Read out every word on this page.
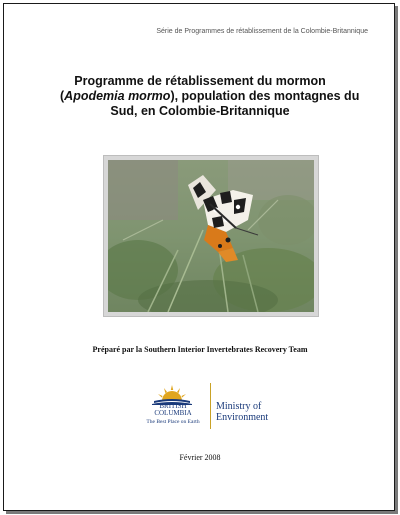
Série de Programmes de rétablissement de la Colombie-Britannique
Programme de rétablissement du mormon
(Apodemia mormo), population des montagnes du
Sud, en Colombie-Britannique
Préparé par la Southern Interior Invertebrates Recovery Team
BRITISH
COLUMBIA
The Best Place on Earth
Ministry of
Environment
Février 2008
